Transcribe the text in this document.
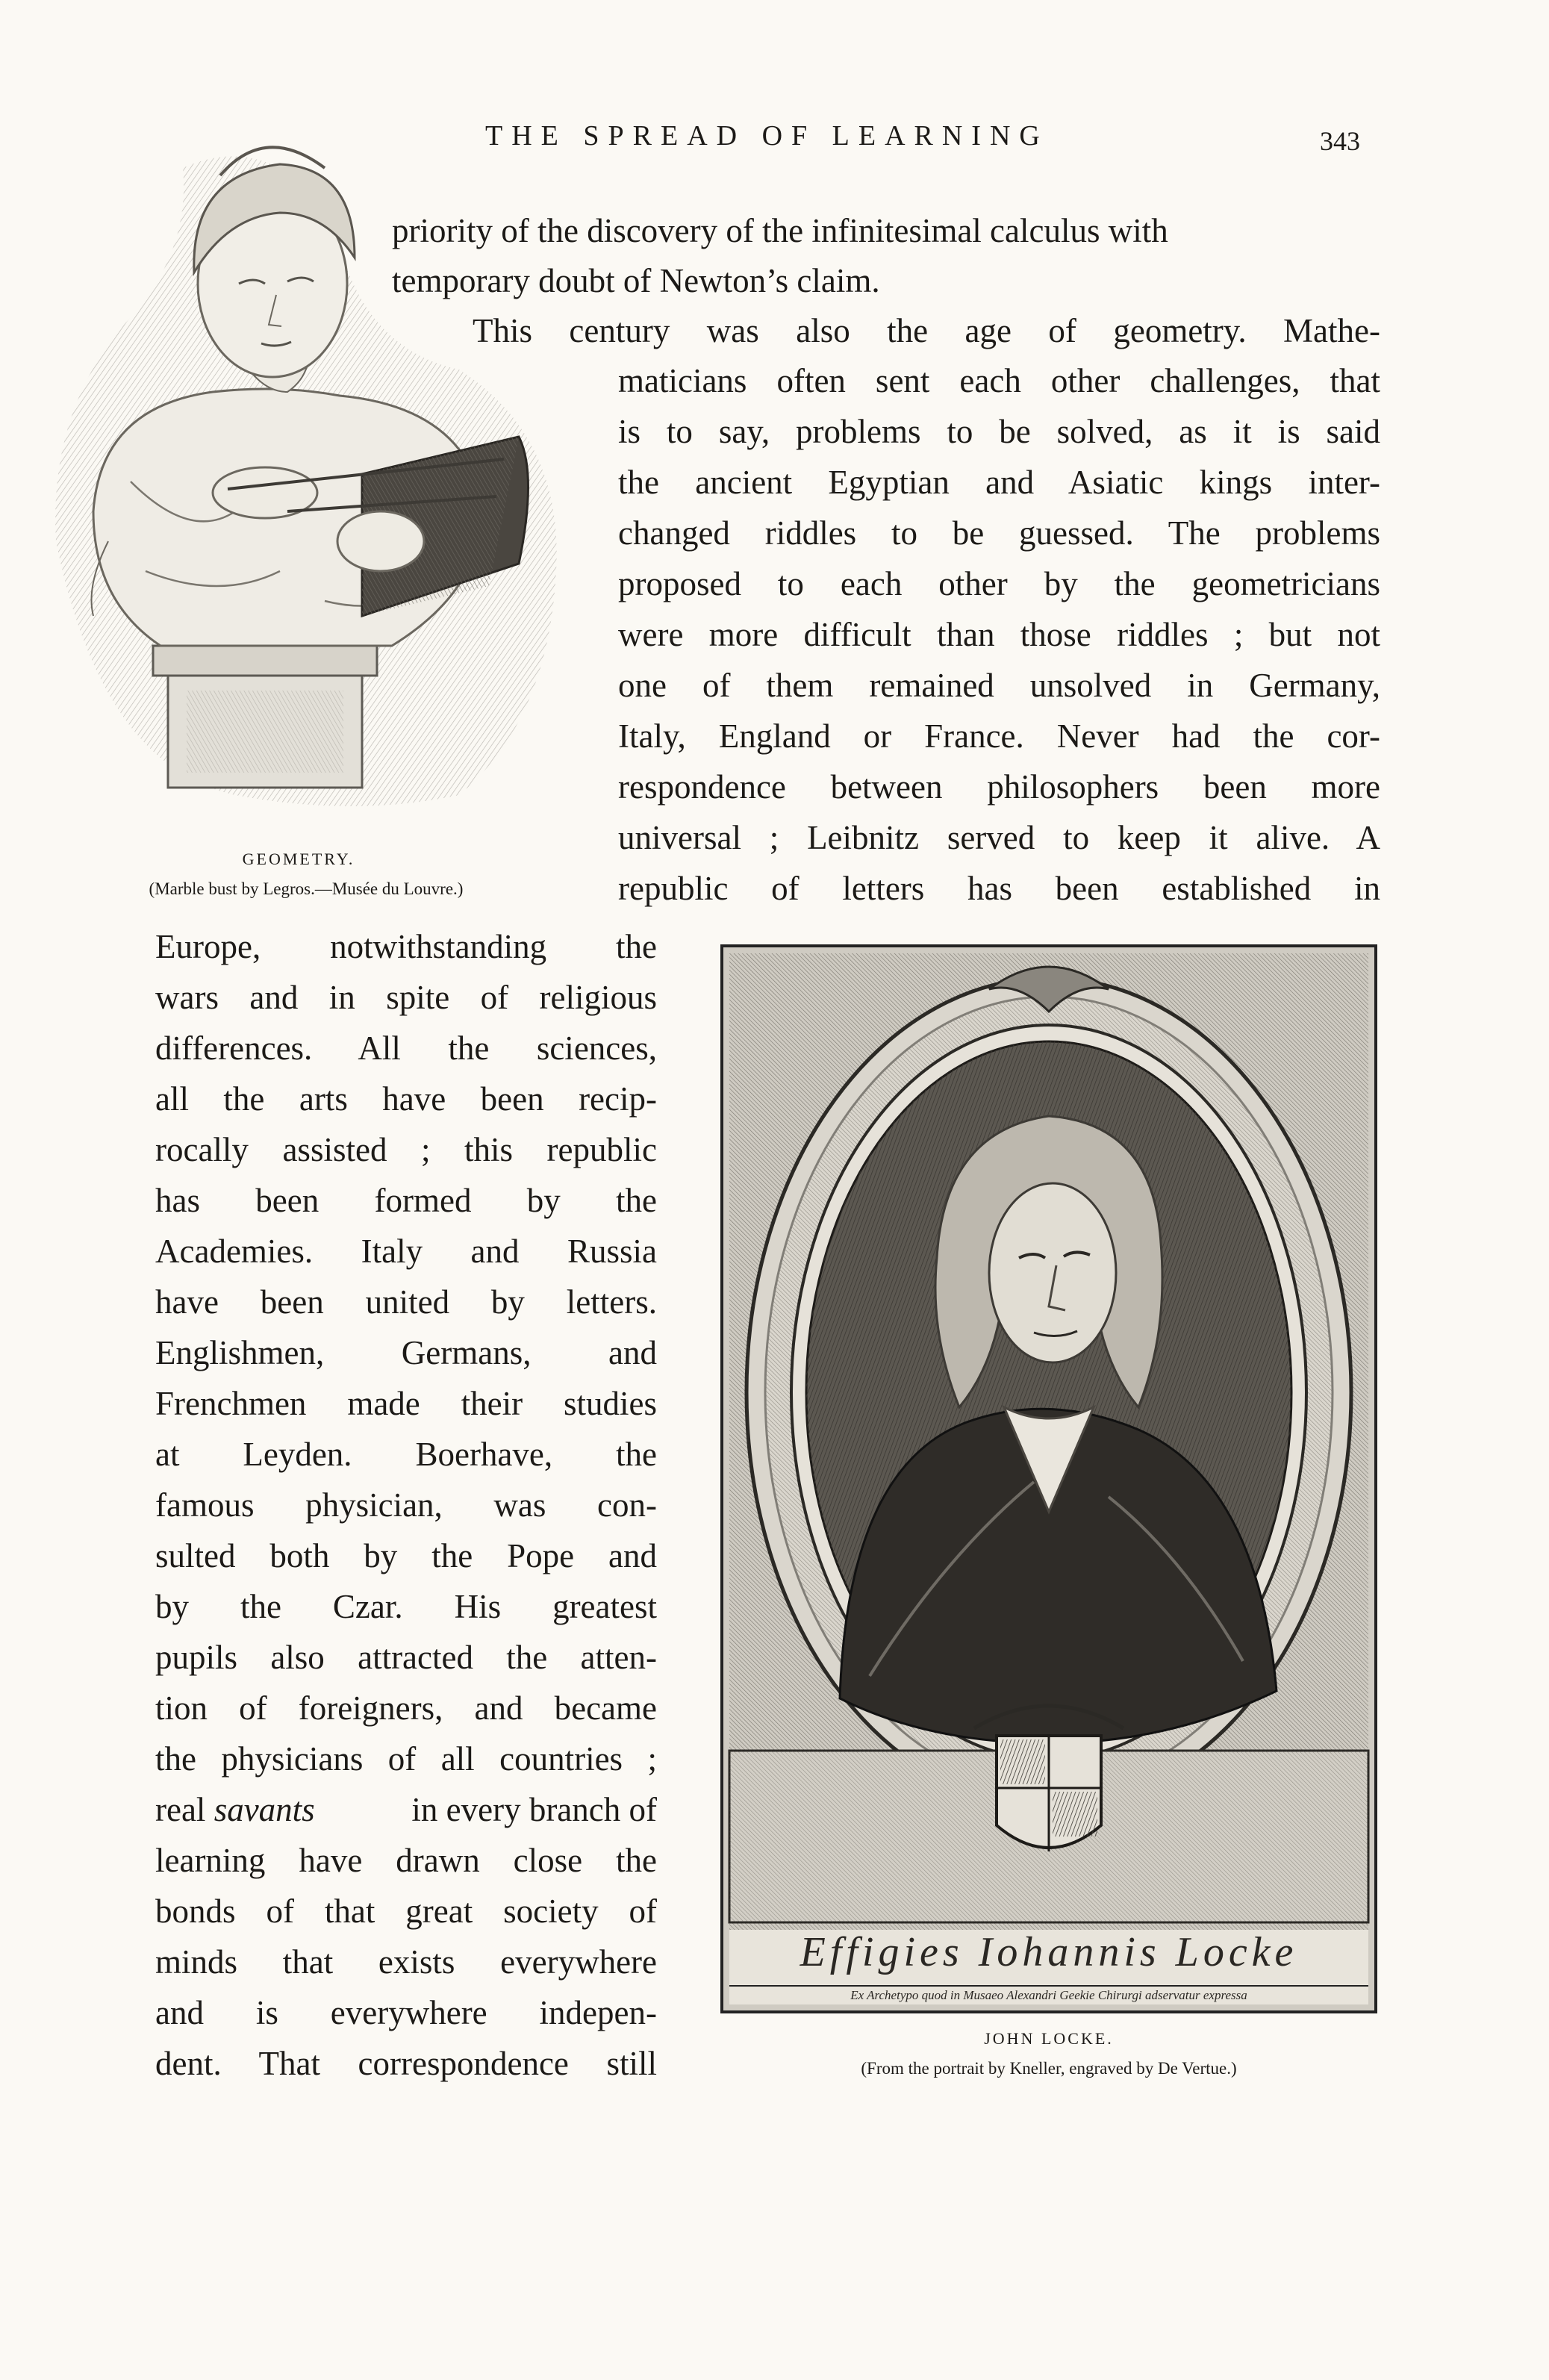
THE SPREAD OF LEARNING	343
GEOMETRY.
(Marble bust by Legros.—Musée du Louvre.)
priority of the discovery of the infinitesimal calculus with
temporary doubt of Newton’s claim.
This century was also the age of geometry. Mathe-
maticians often sent each other challenges, that
is to say, problems to be solved, as it is said
the ancient Egyptian and Asiatic kings inter-
changed riddles to be guessed. The problems
proposed to each other by the geometricians
were more difficult than those riddles ; but not
one of them remained unsolved in Germany,
Italy, England or France. Never had the cor-
respondence between philosophers been more
universal ; Leibnitz served to keep it alive. A
republic of letters has been established in
Europe, notwithstanding the
wars and in spite of religious
differences. All the sciences,
all the arts have been recip-
rocally assisted ; this republic
has been formed by the
Academies. Italy and Russia
have been united by letters.
Englishmen, Germans, and
Frenchmen made their studies
at Leyden. Boerhave, the
famous physician, was con-
sulted both by the Pope and
by the Czar. His greatest
pupils also attracted the atten-
tion of foreigners, and became
the physicians of all countries ;
real savants	in every branch of
learning have drawn close the
bonds of that great society of
minds that exists everywhere
and is everywhere indepen-
dent. That correspondence still
Effigies Iohannis Locke
Ex Archetypo quod in Musaeo Alexandri Geekie Chirurgi adservatur expressa
JOHN LOCKE.
(From the portrait by Kneller, engraved by De Vertue.)
